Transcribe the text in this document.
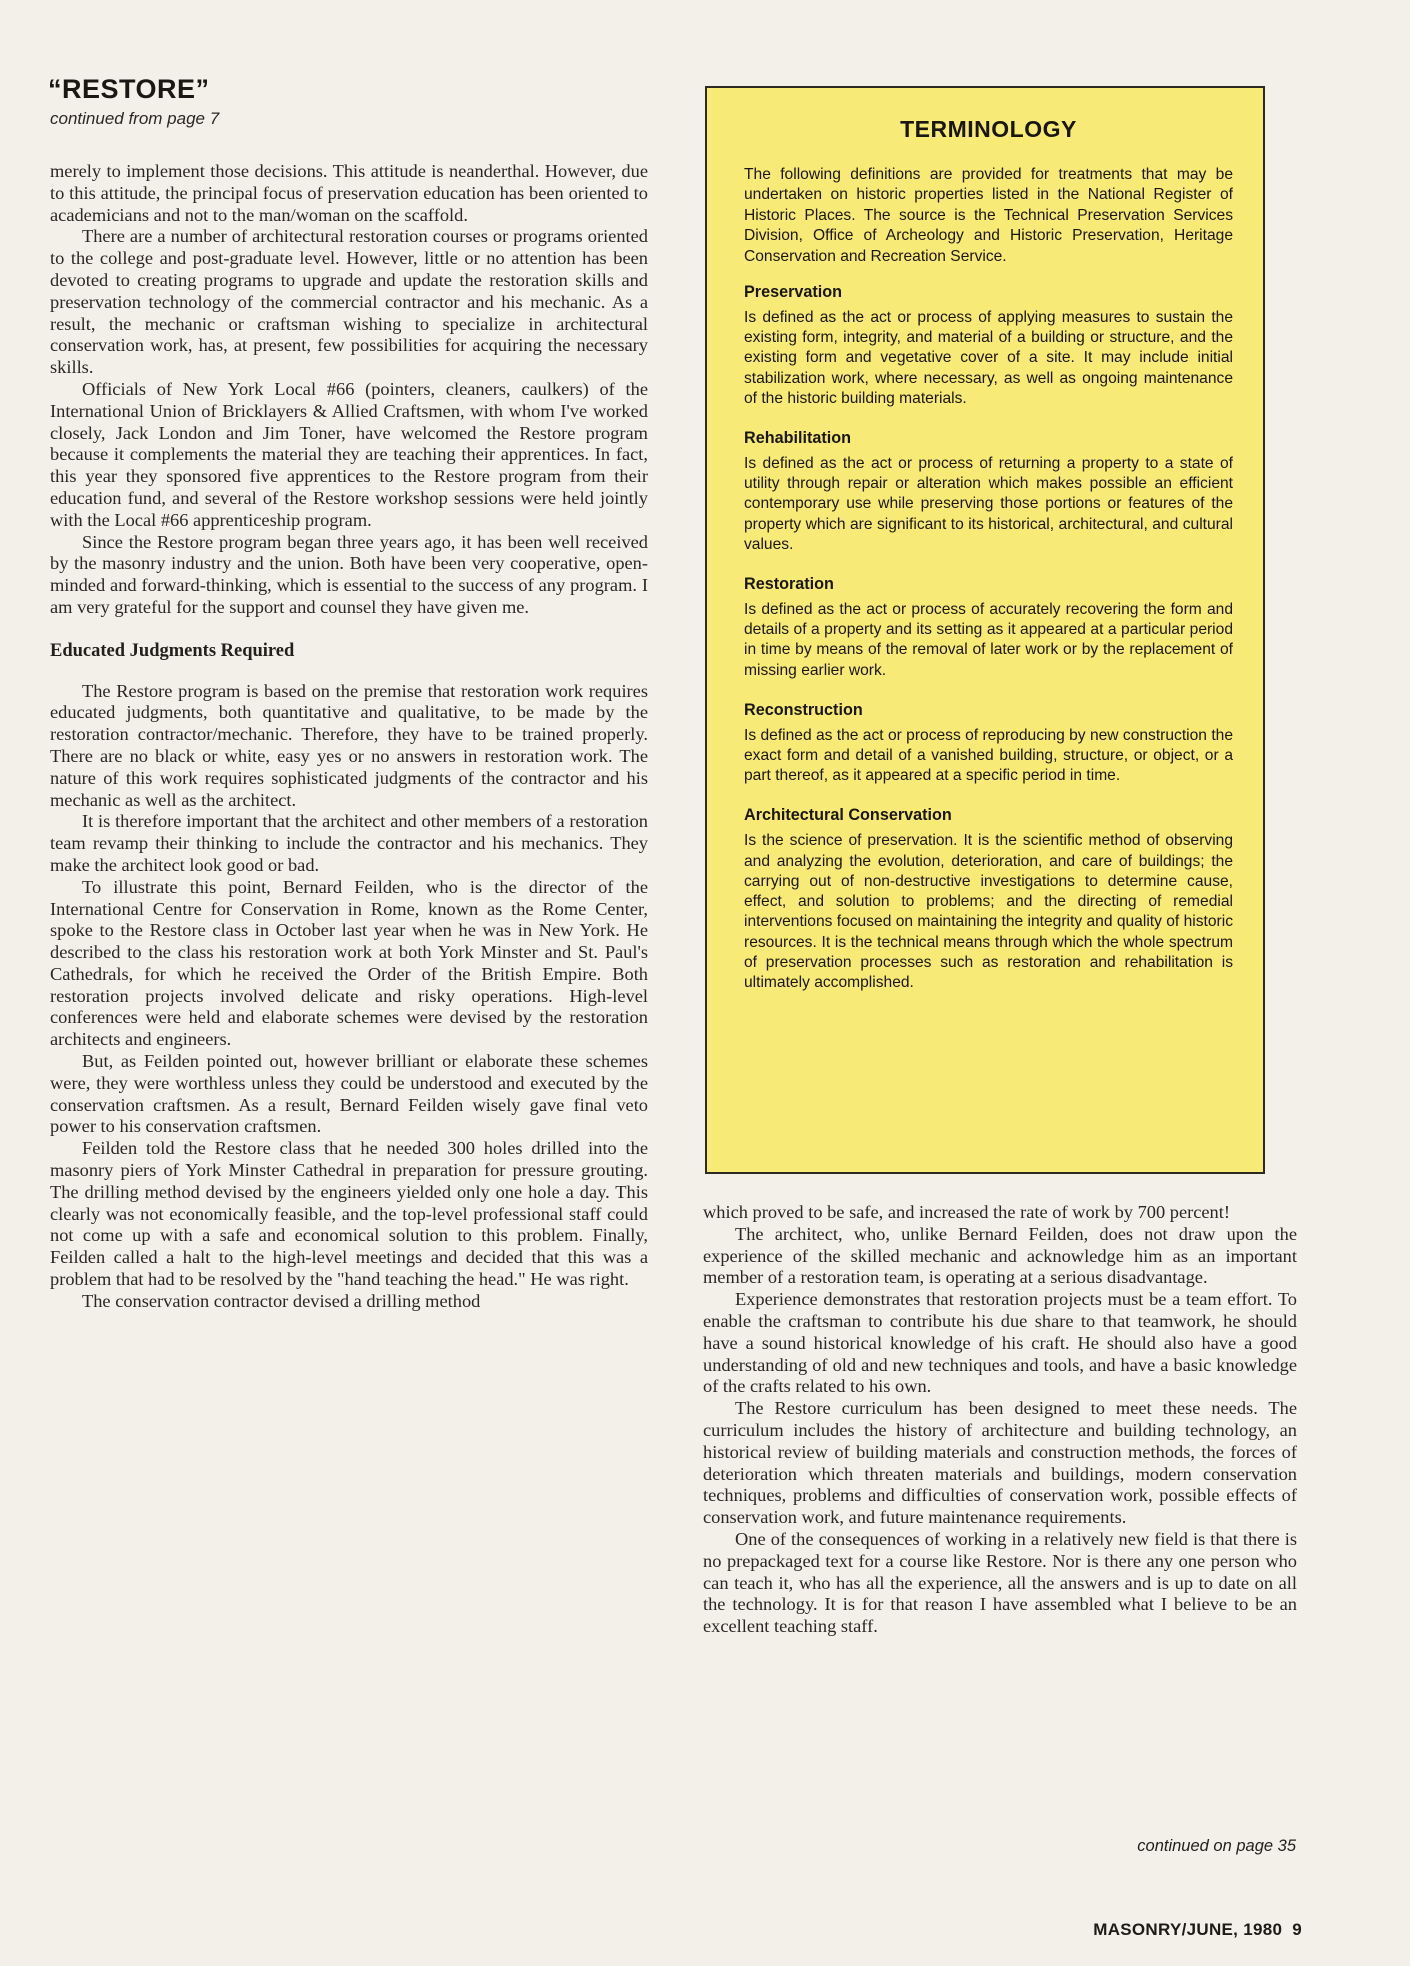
“RESTORE”
continued from page 7

merely to implement those decisions. This attitude is neanderthal. However, due to this attitude, the principal focus of preservation education has been oriented to academicians and not to the man/woman on the scaffold.

There are a number of architectural restoration courses or programs oriented to the college and post-graduate level. However, little or no attention has been devoted to creating programs to upgrade and update the restoration skills and preservation technology of the commercial contractor and his mechanic. As a result, the mechanic or craftsman wishing to specialize in architectural conservation work, has, at present, few possibilities for acquiring the necessary skills.

Officials of New York Local #66 (pointers, cleaners, caulkers) of the International Union of Bricklayers & Allied Craftsmen, with whom I've worked closely, Jack London and Jim Toner, have welcomed the Restore program because it complements the material they are teaching their apprentices. In fact, this year they sponsored five apprentices to the Restore program from their education fund, and several of the Restore workshop sessions were held jointly with the Local #66 apprenticeship program.

Since the Restore program began three years ago, it has been well received by the masonry industry and the union. Both have been very cooperative, open-minded and forward-thinking, which is essential to the success of any program. I am very grateful for the support and counsel they have given me.

Educated Judgments Required

The Restore program is based on the premise that restoration work requires educated judgments, both quantitative and qualitative, to be made by the restoration contractor/mechanic. Therefore, they have to be trained properly. There are no black or white, easy yes or no answers in restoration work. The nature of this work requires sophisticated judgments of the contractor and his mechanic as well as the architect.

It is therefore important that the architect and other members of a restoration team revamp their thinking to include the contractor and his mechanics. They make the architect look good or bad.

To illustrate this point, Bernard Feilden, who is the director of the International Centre for Conservation in Rome, known as the Rome Center, spoke to the Restore class in October last year when he was in New York. He described to the class his restoration work at both York Minster and St. Paul's Cathedrals, for which he received the Order of the British Empire. Both restoration projects involved delicate and risky operations. High-level conferences were held and elaborate schemes were devised by the restoration architects and engineers.

But, as Feilden pointed out, however brilliant or elaborate these schemes were, they were worthless unless they could be understood and executed by the conservation craftsmen. As a result, Bernard Feilden wisely gave final veto power to his conservation craftsmen.

Feilden told the Restore class that he needed 300 holes drilled into the masonry piers of York Minster Cathedral in preparation for pressure grouting. The drilling method devised by the engineers yielded only one hole a day. This clearly was not economically feasible, and the top-level professional staff could not come up with a safe and economical solution to this problem. Finally, Feilden called a halt to the high-level meetings and decided that this was a problem that had to be resolved by the "hand teaching the head." He was right.

The conservation contractor devised a drilling method

TERMINOLOGY

The following definitions are provided for treatments that may be undertaken on historic properties listed in the National Register of Historic Places. The source is the Technical Preservation Services Division, Office of Archeology and Historic Preservation, Heritage Conservation and Recreation Service.

Preservation

Is defined as the act or process of applying measures to sustain the existing form, integrity, and material of a building or structure, and the existing form and vegetative cover of a site. It may include initial stabilization work, where necessary, as well as ongoing maintenance of the historic building materials.

Rehabilitation

Is defined as the act or process of returning a property to a state of utility through repair or alteration which makes possible an efficient contemporary use while preserving those portions or features of the property which are significant to its historical, architectural, and cultural values.

Restoration

Is defined as the act or process of accurately recovering the form and details of a property and its setting as it appeared at a particular period in time by means of the removal of later work or by the replacement of missing earlier work.

Reconstruction

Is defined as the act or process of reproducing by new construction the exact form and detail of a vanished building, structure, or object, or a part thereof, as it appeared at a specific period in time.

Architectural Conservation

Is the science of preservation. It is the scientific method of observing and analyzing the evolution, deterioration, and care of buildings; the carrying out of non-destructive investigations to determine cause, effect, and solution to problems; and the directing of remedial interventions focused on maintaining the integrity and quality of historic resources. It is the technical means through which the whole spectrum of preservation processes such as restoration and rehabilitation is ultimately accomplished.

which proved to be safe, and increased the rate of work by 700 percent!

The architect, who, unlike Bernard Feilden, does not draw upon the experience of the skilled mechanic and acknowledge him as an important member of a restoration team, is operating at a serious disadvantage.

Experience demonstrates that restoration projects must be a team effort. To enable the craftsman to contribute his due share to that teamwork, he should have a sound historical knowledge of his craft. He should also have a good understanding of old and new techniques and tools, and have a basic knowledge of the crafts related to his own.

The Restore curriculum has been designed to meet these needs. The curriculum includes the history of architecture and building technology, an historical review of building materials and construction methods, the forces of deterioration which threaten materials and buildings, modern conservation techniques, problems and difficulties of conservation work, possible effects of conservation work, and future maintenance requirements.

One of the consequences of working in a relatively new field is that there is no prepackaged text for a course like Restore. Nor is there any one person who can teach it, who has all the experience, all the answers and is up to date on all the technology. It is for that reason I have assembled what I believe to be an excellent teaching staff.

continued on page 35
MASONRY/JUNE, 1980 9
